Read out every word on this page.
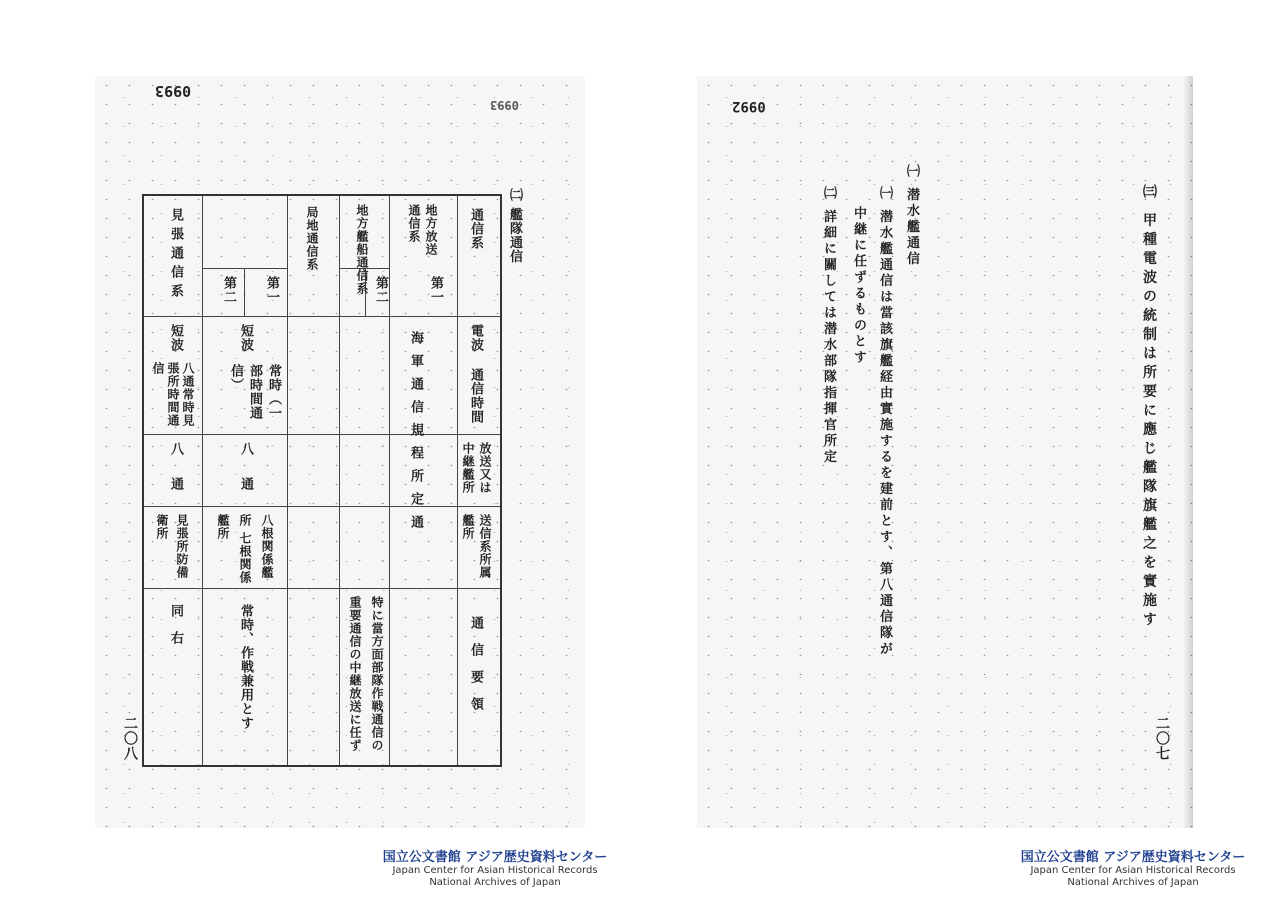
0993
0993
㈡ 艦隊通信
通信系
電波
通信時間
放送又は中継艦所
送信系所属艦所
通信要領
地方放送通信系
第一
第二
海軍通信規程所定通
特に當方面部隊作戦通信の重要通信の中継放送に任ず
地方艦船通信系
局地通信系
第一
第二
短波
常時（一部時間通信）
八通
八根関係艦所 七根関係艦所
常時、作戦兼用とす
見張通信系
短波
八通常時見張所時間通信
八通
見張所防備衛所
同右
二〇八
0992
㈢ 甲種電波の統制は所要に應じ艦隊旗艦之を實施す
㈠ 潜水艦通信
㈠ 潜水艦通信は當該旗艦経由實施するを建前とす、第八通信隊が
中継に任ずるものとす
㈡ 詳細に關しては潜水部隊指揮官所定
二〇七
国立公文書館 アジア歴史資料センター
Japan Center for Asian Historical Records
National Archives of Japan
国立公文書館 アジア歴史資料センター
Japan Center for Asian Historical Records
National Archives of Japan
